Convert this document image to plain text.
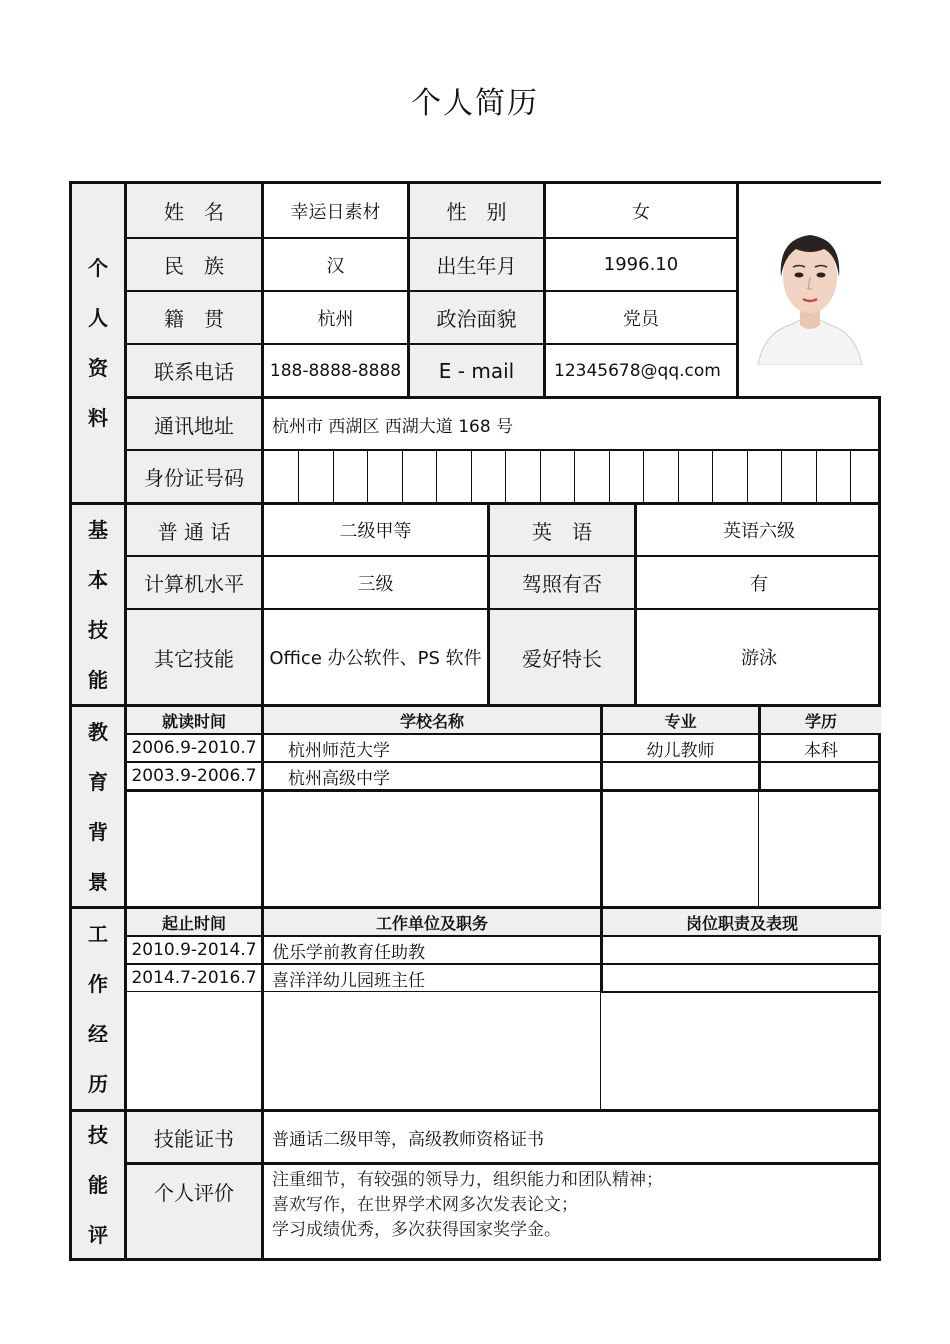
个人简历
个
人
资
料
基
本
技
能
教
育
背
景
工
作
经
历
技
能
评
姓　名	幸运日素材	性　别	女
民　族	汉	出生年月	1996.10
籍　贯	杭州	政治面貌	党员
联系电话	188-8888-8888	E - mail	12345678@qq.com
通讯地址	杭州市 西湖区 西湖大道 168 号
身份证号码
普 通 话	二级甲等	英　语	英语六级
计算机水平	三级	驾照有否	有
其它技能	Office 办公软件、PS 软件	爱好特长	游泳
就读时间	学校名称	专业	学历
2006.9-2010.7	杭州师范大学	幼儿教师	本科
2003.9-2006.7	杭州高级中学
起止时间	工作单位及职务	岗位职责及表现
2010.9-2014.7 优乐学前教育任助教
2014.7-2016.7 喜洋洋幼儿园班主任
技能证书	普通话二级甲等，高级教师资格证书
个人评价
注重细节，有较强的领导力，组织能力和团队精神；
喜欢写作，在世界学术网多次发表论文；
学习成绩优秀，多次获得国家奖学金。
